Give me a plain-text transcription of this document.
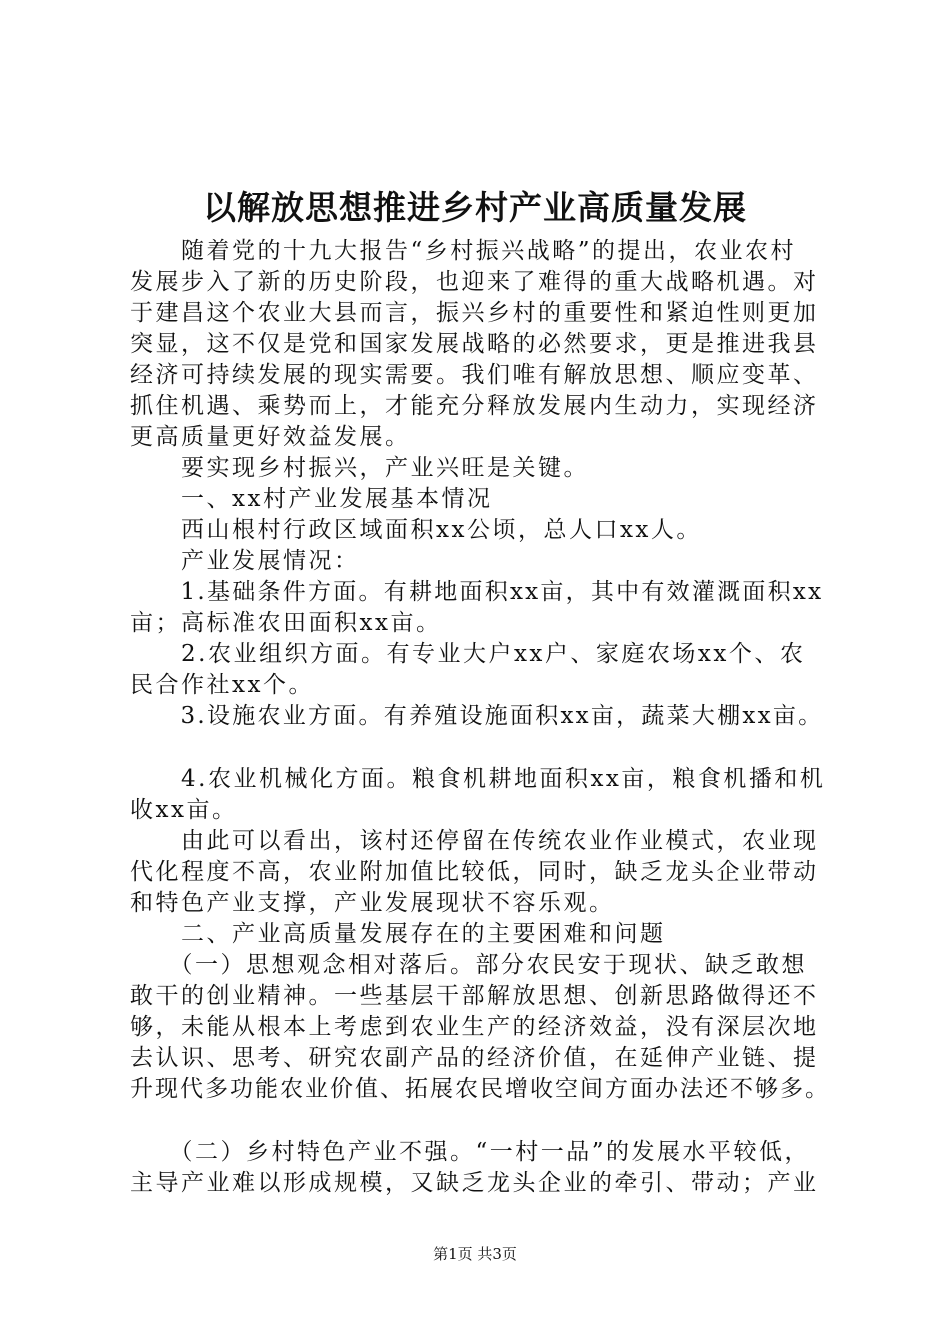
以解放思想推进乡村产业高质量发展
　　随着党的十九大报告“乡村振兴战略”的提出，农业农村
发展步入了新的历史阶段，也迎来了难得的重大战略机遇。对
于建昌这个农业大县而言，振兴乡村的重要性和紧迫性则更加
突显，这不仅是党和国家发展战略的必然要求，更是推进我县
经济可持续发展的现实需要。我们唯有解放思想、顺应变革、
抓住机遇、乘势而上，才能充分释放发展内生动力，实现经济
更高质量更好效益发展。
　　要实现乡村振兴，产业兴旺是关键。
　　一、xx村产业发展基本情况
　　西山根村行政区域面积xx公顷，总人口xx人。
　　产业发展情况：
　　1.基础条件方面。有耕地面积xx亩，其中有效灌溉面积xx
亩；高标准农田面积xx亩。
　　2.农业组织方面。有专业大户xx户、家庭农场xx个、农
民合作社xx个。
　　3.设施农业方面。有养殖设施面积xx亩，蔬菜大棚xx亩。
　　4.农业机械化方面。粮食机耕地面积xx亩，粮食机播和机
收xx亩。
　　由此可以看出，该村还停留在传统农业作业模式，农业现
代化程度不高，农业附加值比较低，同时，缺乏龙头企业带动
和特色产业支撑，产业发展现状不容乐观。
　　二、产业高质量发展存在的主要困难和问题
　　（一）思想观念相对落后。部分农民安于现状、缺乏敢想
敢干的创业精神。一些基层干部解放思想、创新思路做得还不
够，未能从根本上考虑到农业生产的经济效益，没有深层次地
去认识、思考、研究农副产品的经济价值，在延伸产业链、提
升现代多功能农业价值、拓展农民增收空间方面办法还不够多。
　　（二）乡村特色产业不强。“一村一品”的发展水平较低，
主导产业难以形成规模，又缺乏龙头企业的牵引、带动；产业
第1页 共3页
